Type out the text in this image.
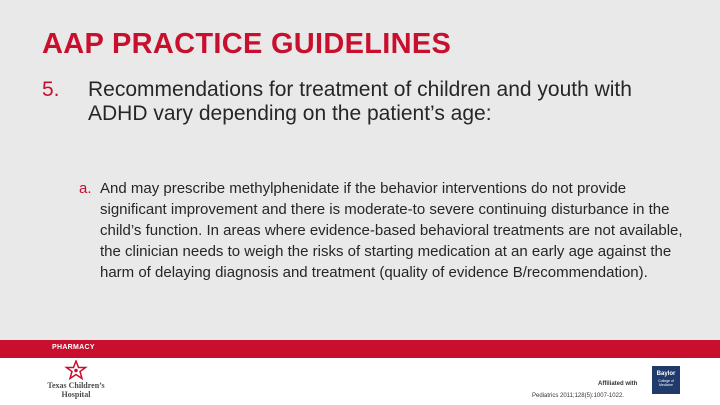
AAP PRACTICE GUIDELINES
5. Recommendations for treatment of children and youth with ADHD vary depending on the patient’s age:
a. And may prescribe methylphenidate if the behavior interventions do not provide significant improvement and there is moderate-to severe continuing disturbance in the child’s function. In areas where evidence-based behavioral treatments are not available, the clinician needs to weigh the risks of starting medication at an early age against the harm of delaying diagnosis and treatment (quality of evidence B/recommendation).
PHARMACY
Texas Children’s Hospital
Affiliated with
Baylor
College of Medicine
Pediatrics 2011;128(5):1007-1022.
